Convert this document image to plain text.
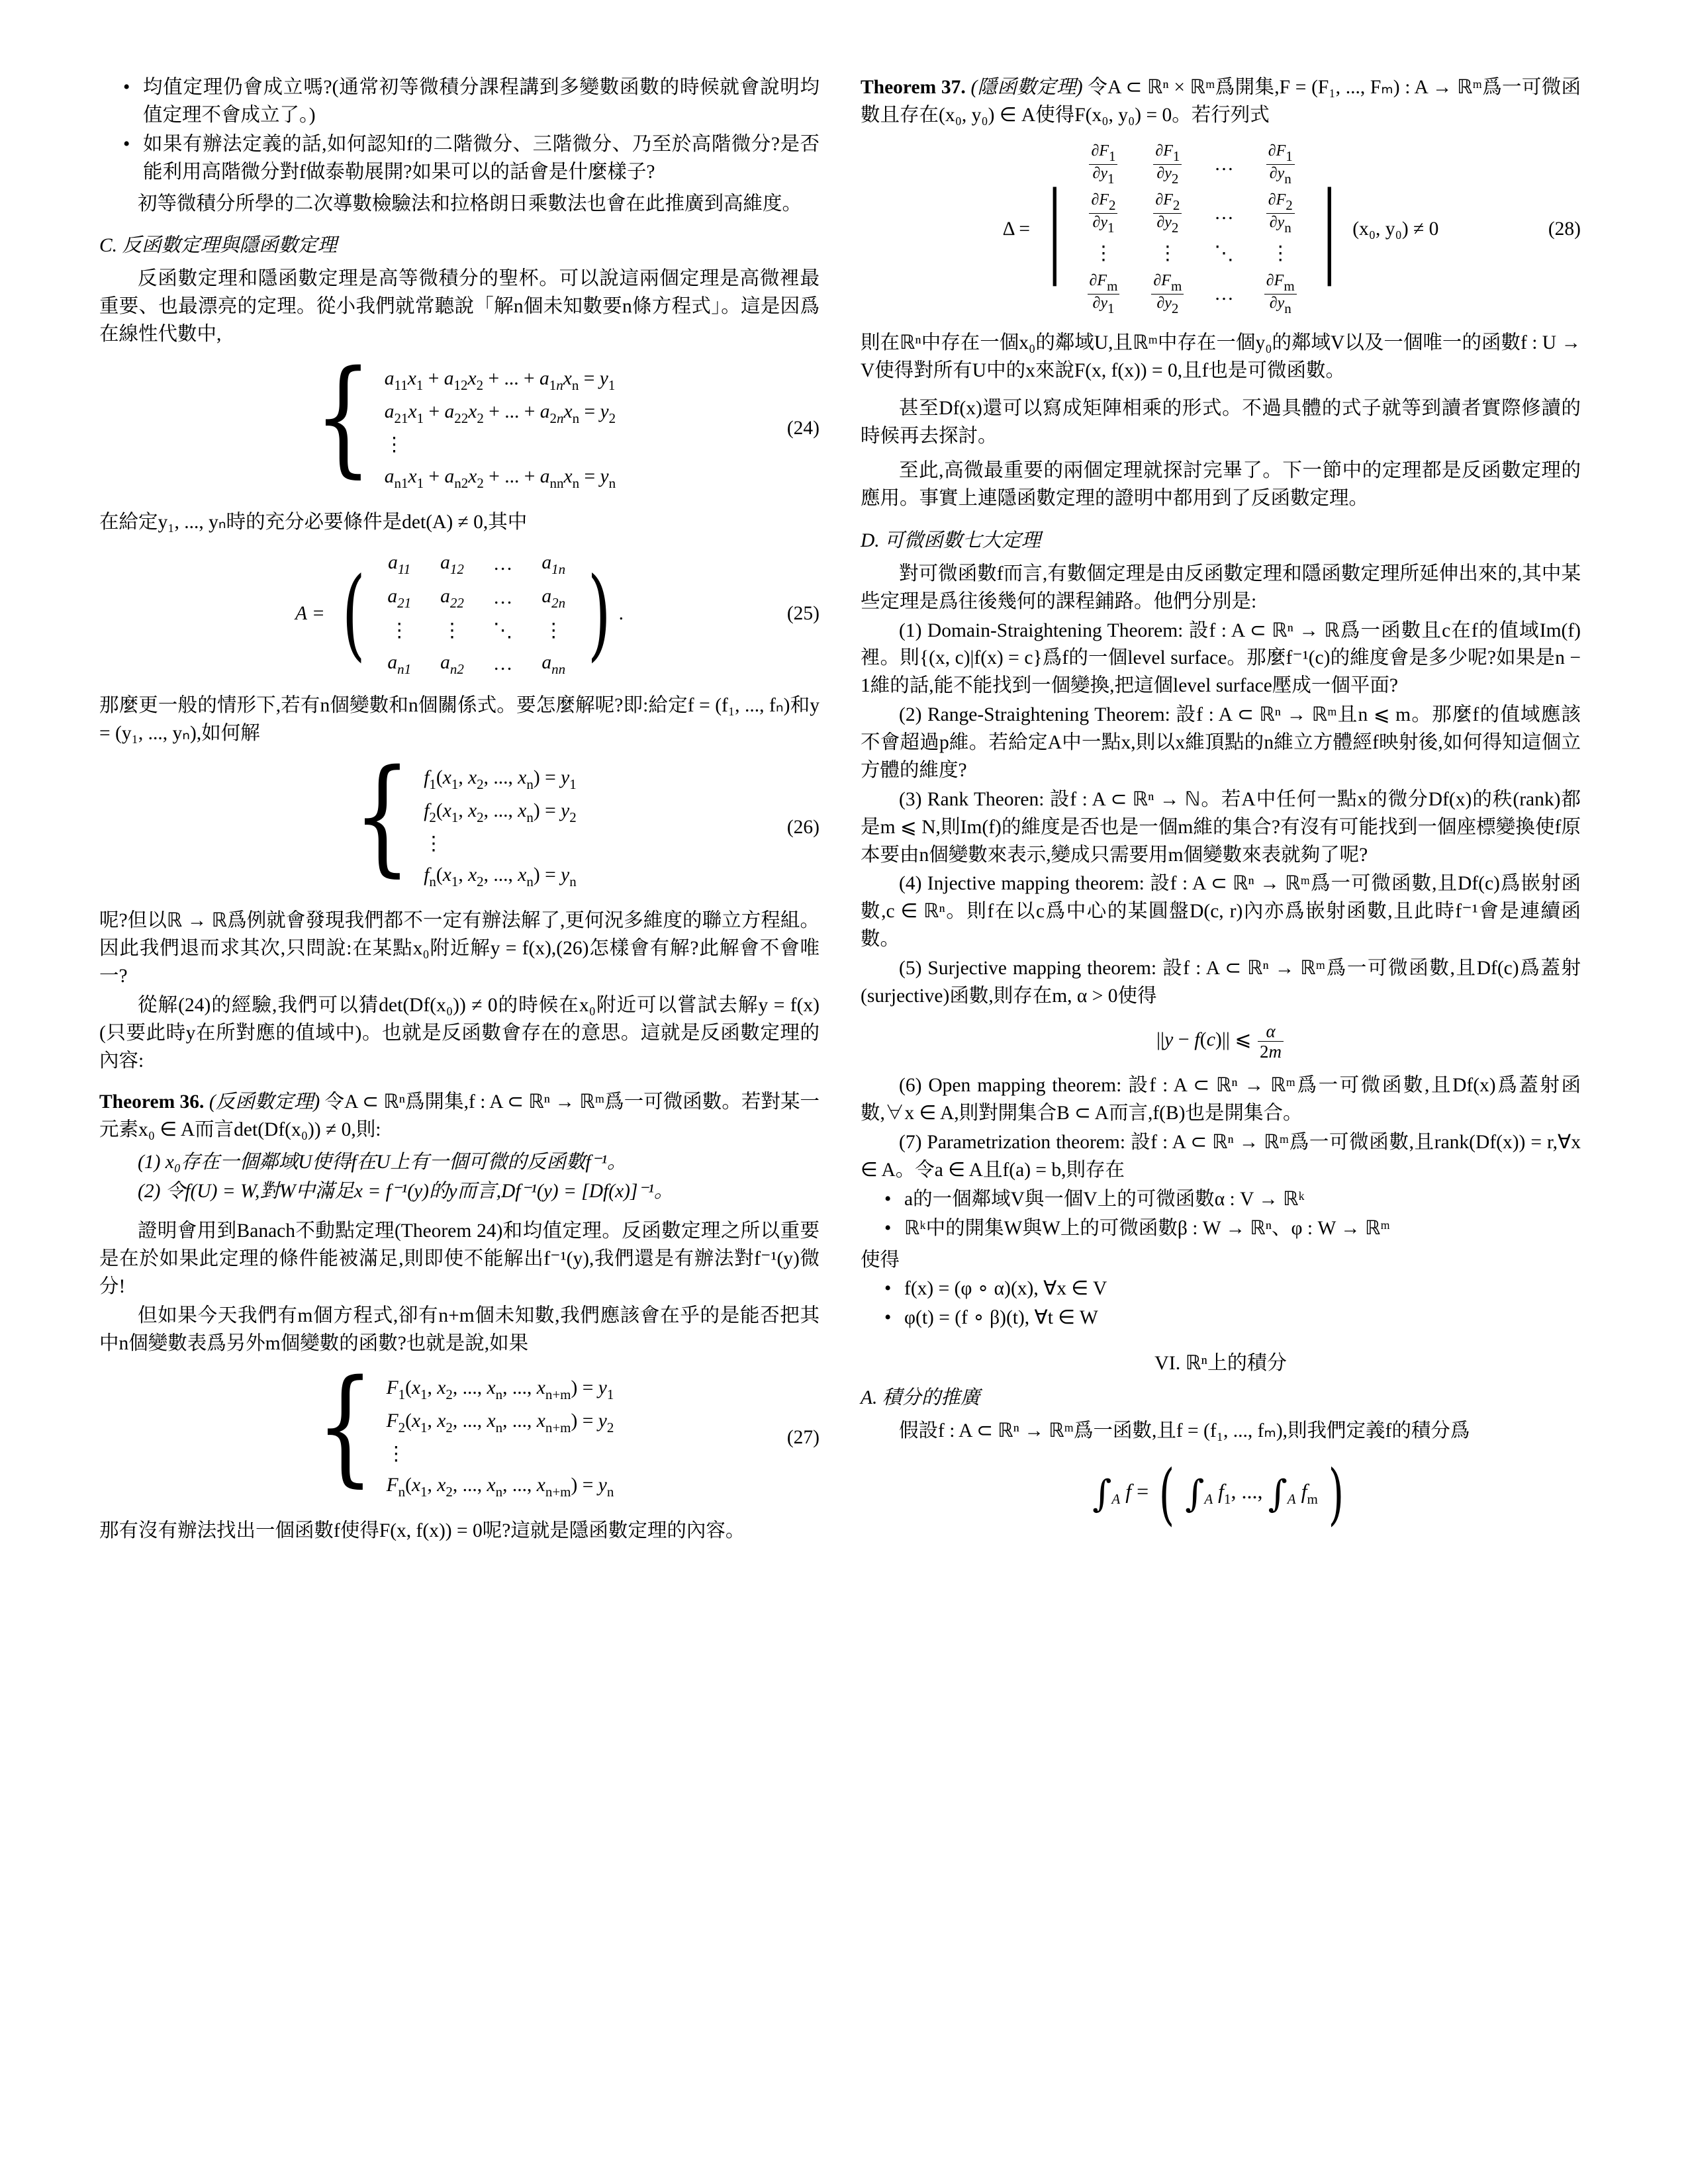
• 均值定理仍會成立嗎?(通常初等微積分課程講到多變數函數的時候就會說明均值定理不會成立了。)
• 如果有辦法定義的話,如何認知f的二階微分、三階微分、乃至於高階微分?是否能利用高階微分對f做泰勒展開?如果可以的話會是什麼樣子?

初等微積分所學的二次導數檢驗法和拉格朗日乘數法也會在此推廣到高維度。

C. 反函數定理與隱函數定理

反函數定理和隱函數定理是高等微積分的聖杯。可以說這兩個定理是高微裡最重要、也最漂亮的定理。從小我們就常聽說「解n個未知數要n條方程式」。這是因爲在線性代數中,

{ $a_{11}x_1 + a_{12}x_2$ + ... + $a_{1n}x_n = y_1$
$a_{21}x_1 + a_{22}x_2$ + ... + $a_{2n}x_n = y_2$
⋮
$a_{n1}x_1 + a_{n2}x_2$ + ... + $a_{nn}x_n = y_n$
(24)

在給定y₁, ..., yₙ時的充分必要條件是det(A) ≠ 0,其中

A = ( $a_{11}$	$a_{12}$	…	$a_{1n}$
$a_{21}$	$a_{22}$	…	$a_{2n}$
⋮	⋮	⋱	⋮
$a_{n1}$	$a_{n2}$	…	$a_{nn}$ ) .	(25)

那麼更一般的情形下,若有n個變數和n個關係式。要怎麼解呢?即:給定f = (f₁, ..., fₙ)和y = (y₁, ..., yₙ),如何解

{ $f_1(x_1$, $x_2$, ..., $x_n) = y_1$
$f_2(x_1$, $x_2$, ..., $x_n) = y_2$
⋮
$f_n(x_1$, $x_2$, ..., $x_n) = y_n$
(26)

呢?但以ℝ → ℝ爲例就會發現我們都不一定有辦法解了,更何況多維度的聯立方程組。因此我們退而求其次,只問說:在某點x₀附近解y = f(x),(26)怎樣會有解?此解會不會唯一?

從解(24)的經驗,我們可以猜det(Df(x₀)) ≠ 0的時候在x₀附近可以嘗試去解y = f(x)(只要此時y在所對應的值域中)。也就是反函數會存在的意思。這就是反函數定理的內容:

Theorem 36. (反函數定理) 令A ⊂ ℝⁿ爲開集,f : A ⊂ ℝⁿ → ℝᵐ爲一可微函數。若對某一元素x₀ ∈ A而言det(Df(x₀)) ≠ 0,則:

(1) x₀存在一個鄰域U使得f在U上有一個可微的反函數f⁻¹。

(2) 令f(U) = W,對W中滿足x = f⁻¹(y)的y而言,Df⁻¹(y) = [Df(x)]⁻¹。

證明會用到Banach不動點定理(Theorem 24)和均值定理。反函數定理之所以重要是在於如果此定理的條件能被滿足,則即使不能解出f⁻¹(y),我們還是有辦法對f⁻¹(y)微分!

但如果今天我們有m個方程式,卻有n+m個未知數,我們應該會在乎的是能否把其中n個變數表爲另外m個變數的函數?也就是說,如果

{ $F_1(x_1$, $x_2$, ..., $x_n$, ..., $x_{n+m}) = y_1$
$F_2(x_1$, $x_2$, ..., $x_n$, ..., $x_{n+m}) = y_2$
⋮
$F_n(x_1$, $x_2$, ..., $x_n$, ..., $x_{n+m}) = y_n$
(27)

那有沒有辦法找出一個函數f使得F(x, f(x)) = 0呢?這就是隱函數定理的內容。

Theorem 37. (隱函數定理) 令A ⊂ ℝⁿ × ℝᵐ爲開集,F = (F₁, ..., Fₘ) : A → ℝᵐ爲一可微函數且存在(x₀, y₀) ∈ A使得F(x₀, y₀) = 0。若行列式
Δ = |
$\frac{\partial F1}{\partial y1}$	$\frac{\partial F1}{\partial y2}$	…	$\frac{\partial F1}{\partial yn}$

$\frac{\partial F2}{\partial y1}$	$\frac{\partial F2}{\partial y2}$	…	$\frac{\partial F2}{\partial yn}$

⋮	⋮	⋱	⋮

$\frac{\partial Fm}{\partial y1}$	$\frac{\partial Fm}{\partial y2}$	…	$\frac{\partial Fm}{\partial yn}$
| (x₀, y₀) ≠ 0	(28)

則在ℝⁿ中存在一個x₀的鄰域U,且ℝᵐ中存在一個y₀的鄰域V以及一個唯一的函數f : U → V使得對所有U中的x來說F(x, f(x)) = 0,且f也是可微函數。

甚至Df(x)還可以寫成矩陣相乘的形式。不過具體的式子就等到讀者實際修讀的時候再去探討。

至此,高微最重要的兩個定理就探討完畢了。下一節中的定理都是反函數定理的應用。事實上連隱函數定理的證明中都用到了反函數定理。

D. 可微函數七大定理

對可微函數f而言,有數個定理是由反函數定理和隱函數定理所延伸出來的,其中某些定理是爲往後幾何的課程鋪路。他們分別是:

(1) Domain-Straightening Theorem: 設f : A ⊂ ℝⁿ → ℝ爲一函數且c在f的值域Im(f)裡。則{(x, c)|f(x) = c}爲f的一個level surface。那麼f⁻¹(c)的維度會是多少呢?如果是n − 1維的話,能不能找到一個變換,把這個level surface壓成一個平面?

(2) Range-Straightening Theorem: 設f : A ⊂ ℝⁿ → ℝᵐ且n ⩽ m。那麼f的值域應該不會超過p維。若給定A中一點x,則以x維頂點的n維立方體經f映射後,如何得知這個立方體的維度?

(3) Rank Theoren: 設f : A ⊂ ℝⁿ → ℕ。若A中任何一點x的微分Df(x)的秩(rank)都是m ⩽ N,則Im(f)的維度是否也是一個m維的集合?有沒有可能找到一個座標變換使f原本要由n個變數來表示,變成只需要用m個變數來表就夠了呢?

(4) Injective mapping theorem: 設f : A ⊂ ℝⁿ → ℝᵐ爲一可微函數,且Df(c)爲嵌射函數,c ∈ ℝⁿ。則f在以c爲中心的某圓盤D(c, r)內亦爲嵌射函數,且此時f⁻¹會是連續函數。

(5) Surjective mapping theorem: 設f : A ⊂ ℝⁿ → ℝᵐ爲一可微函數,且Df(c)爲蓋射(surjective)函數,則存在m, α > 0使得

||y − f(c)|| ⩽ $\frac{\alpha}{2m}$

(6) Open mapping theorem: 設f : A ⊂ ℝⁿ → ℝᵐ爲一可微函數,且Df(x)爲蓋射函數,∀x ∈ A,則對開集合B ⊂ A而言,f(B)也是開集合。

(7) Parametrization theorem: 設f : A ⊂ ℝⁿ → ℝᵐ爲一可微函數,且rank(Df(x)) = r,∀x ∈ A。令a ∈ A且f(a) = b,則存在

• a的一個鄰域V與一個V上的可微函數α : V → ℝᵏ
• ℝᵏ中的開集W與W上的可微函數β : W → ℝⁿ、φ : W → ℝᵐ

使得

• f(x) = (φ ∘ α)(x), ∀x ∈ V
• φ(t) = (f ∘ β)(t), ∀t ∈ W
VI. ℝⁿ上的積分
A. 積分的推廣

假設f : A ⊂ ℝⁿ → ℝᵐ爲一函數,且f = (f₁, ..., fₘ),則我們定義f的積分爲

$\int_A$ f = ( $\int_A$ $f_1$, ..., $\int_A$ $f_m$ )
